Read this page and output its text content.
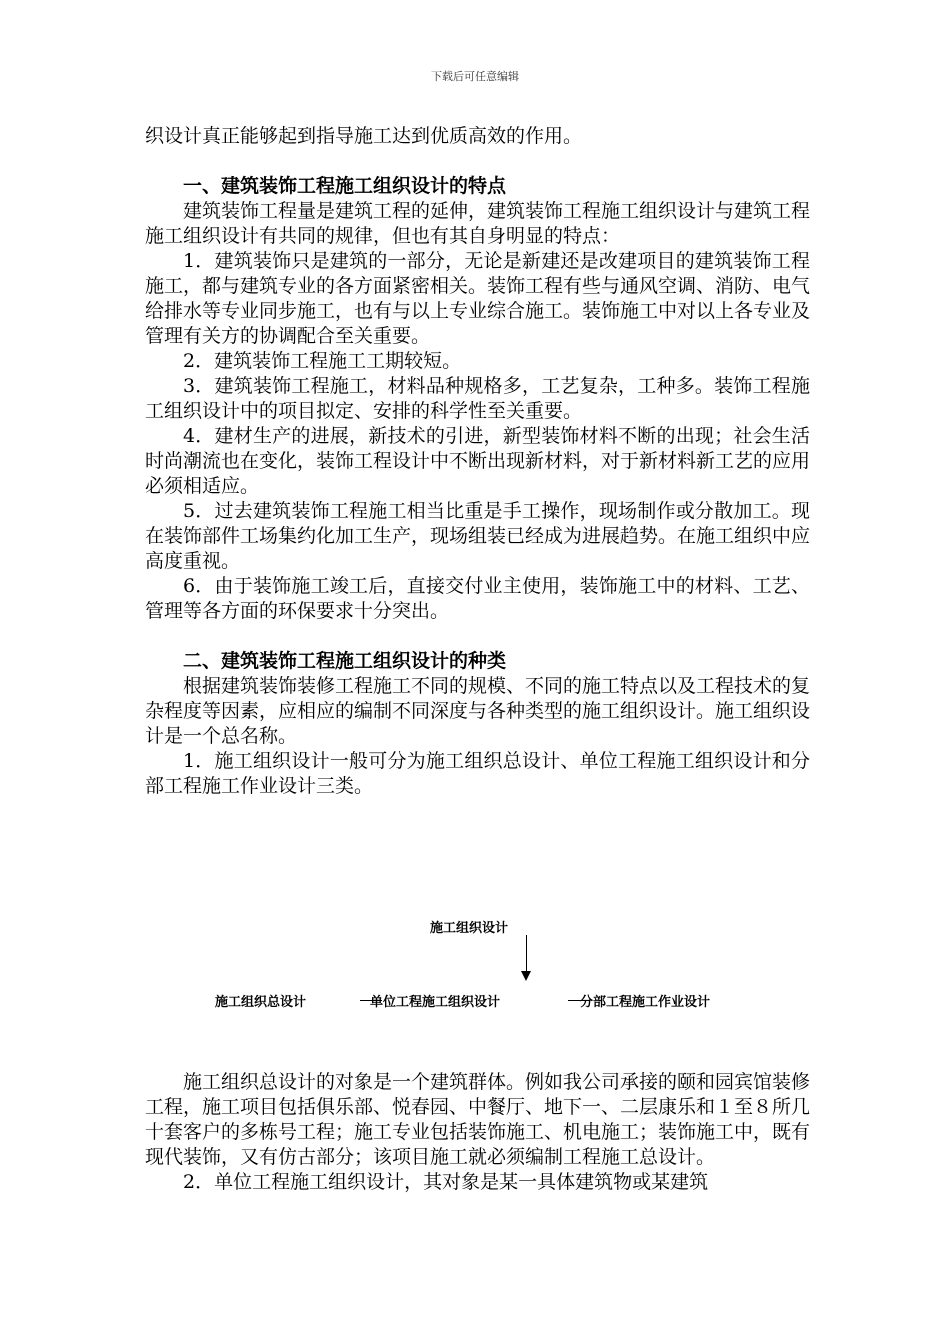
下载后可任意编辑

织设计真正能够起到指导施工达到优质高效的作用。

一、建筑装饰工程施工组织设计的特点

建筑装饰工程量是建筑工程的延伸，建筑装饰工程施工组织设计与建筑工程施工组织设计有共同的规律，但也有其自身明显的特点：

1．建筑装饰只是建筑的一部分，无论是新建还是改建项目的建筑装饰工程施工，都与建筑专业的各方面紧密相关。装饰工程有些与通风空调、消防、电气给排水等专业同步施工，也有与以上专业综合施工。装饰施工中对以上各专业及管理有关方的协调配合至关重要。

2．建筑装饰工程施工工期较短。

3．建筑装饰工程施工，材料品种规格多，工艺复杂，工种多。装饰工程施工组织设计中的项目拟定、安排的科学性至关重要。

4．建材生产的进展，新技术的引进，新型装饰材料不断的出现；社会生活时尚潮流也在变化，装饰工程设计中不断出现新材料，对于新材料新工艺的应用必须相适应。

5．过去建筑装饰工程施工相当比重是手工操作，现场制作或分散加工。现在装饰部件工场集约化加工生产，现场组装已经成为进展趋势。在施工组织中应高度重视。

6．由于装饰施工竣工后，直接交付业主使用，装饰施工中的材料、工艺、管理等各方面的环保要求十分突出。

二、建筑装饰工程施工组织设计的种类

根据建筑装饰装修工程施工不同的规模、不同的施工特点以及工程技术的复杂程度等因素，应相应的编制不同深度与各种类型的施工组织设计。施工组织设计是一个总名称。

1．施工组织设计一般可分为施工组织总设计、单位工程施工组织设计和分部工程施工作业设计三类。

施工组织设计
施工组织总设计	单位工程施工组织设计	分部工程施工作业设计

施工组织总设计的对象是一个建筑群体。例如我公司承接的颐和园宾馆装修工程，施工项目包括俱乐部、悦春园、中餐厅、地下一、二层康乐和１至８所几十套客户的多栋号工程；施工专业包括装饰施工、机电施工；装饰施工中，既有现代装饰，又有仿古部分；该项目施工就必须编制工程施工总设计。

2．单位工程施工组织设计，其对象是某一具体建筑物或某建筑
